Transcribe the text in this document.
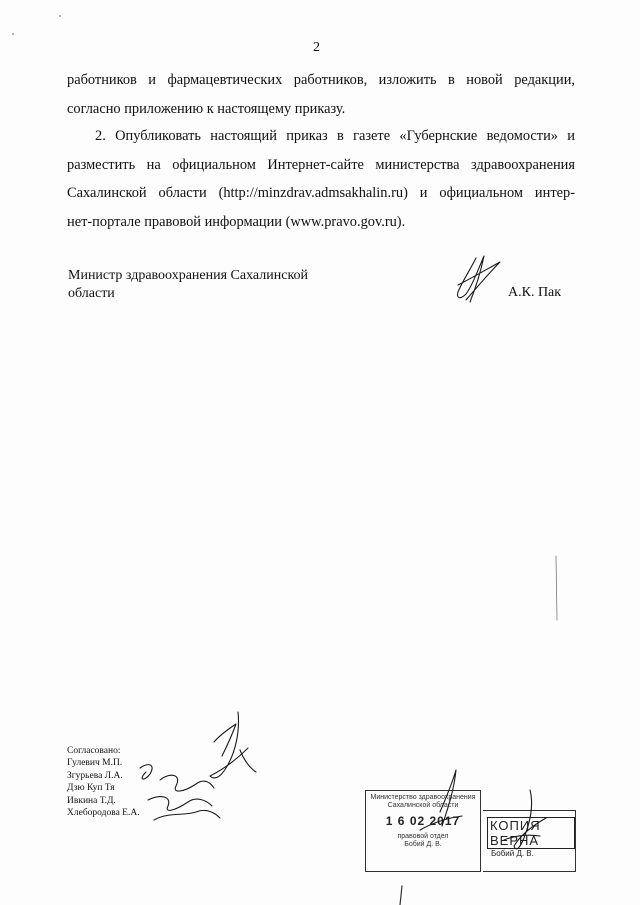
2
работников и фармацевтических работников, изложить в новой редакции,
согласно приложению к настоящему приказу.
2. Опубликовать настоящий приказ в газете «Губернские ведомости» и
разместить на официальном Интернет-сайте министерства здравоохранения
Сахалинской области (http://minzdrav.admsakhalin.ru) и официальном интер-
нет-портале правовой информации (www.pravo.gov.ru).
Министр здравоохранения Сахалинской
области	А.К. Пак
Согласовано:
Гулевич М.П.
Згурьева Л.А.
Дзю Куп Тя
Ивкина Т.Д.
Хлебородова Е.А.
Министерство здравоохранения
Сахалинской области
1 6 02 2017
правовой отдел
Бобий Д. В.
КОПИЯ ВЕРНА
Бобий Д. В.
